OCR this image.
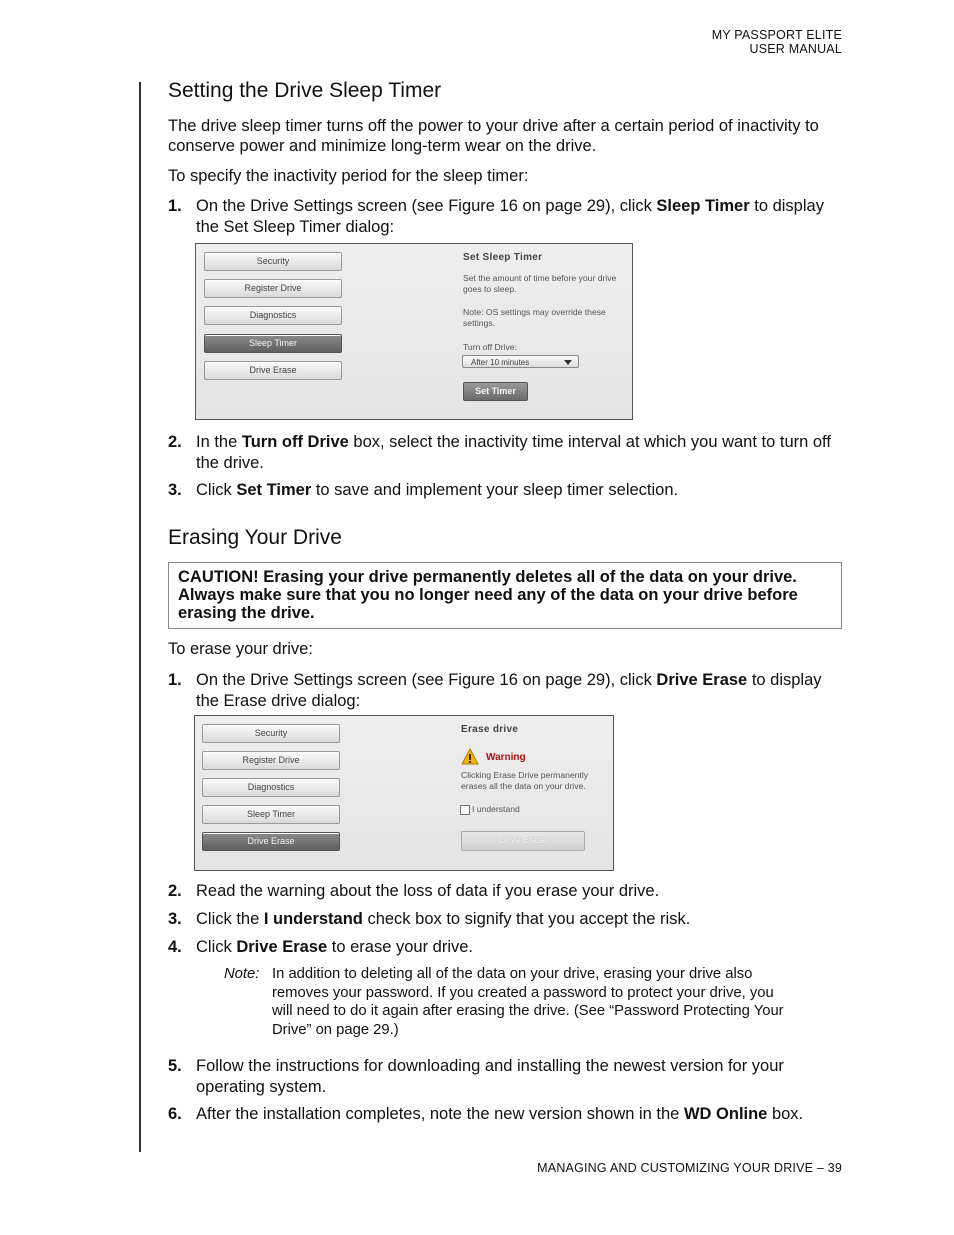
MY PASSPORT ELITE
USER MANUAL
Setting the Drive Sleep Timer

The drive sleep timer turns off the power to your drive after a certain period of inactivity to conserve power and minimize long-term wear on the drive.

To specify the inactivity period for the sleep timer:

1. On the Drive Settings screen (see Figure 16 on page 29), click Sleep Timer to display the Set Sleep Timer dialog:
Security
Register Drive
Diagnostics
Sleep Timer
Drive Erase
Set Sleep Timer
Set the amount of time before your drive goes to sleep.
Note: OS settings may override these settings.
Turn off Drive:
After 10 minutes
Set Timer
2. In the Turn off Drive box, select the inactivity time interval at which you want to turn off the drive.
3. Click Set Timer to save and implement your sleep timer selection.
Erasing Your Drive
CAUTION! Erasing your drive permanently deletes all of the data on your drive. Always make sure that you no longer need any of the data on your drive before erasing the drive.

To erase your drive:

1. On the Drive Settings screen (see Figure 16 on page 29), click Drive Erase to display the Erase drive dialog:
Security
Register Drive
Diagnostics
Sleep Timer
Drive Erase
Erase drive
Warning
Clicking Erase Drive permanently erases all the data on your drive.
I understand
Drive Erase
2. Read the warning about the loss of data if you erase your drive.
3. Click the I understand check box to signify that you accept the risk.
4. Click Drive Erase to erase your drive.
Note: In addition to deleting all of the data on your drive, erasing your drive also removes your password. If you created a password to protect your drive, you will need to do it again after erasing the drive. (See “Password Protecting Your Drive” on page 29.)
5. Follow the instructions for downloading and installing the newest version for your operating system.
6. After the installation completes, note the new version shown in the WD Online box.
MANAGING AND CUSTOMIZING YOUR DRIVE – 39
